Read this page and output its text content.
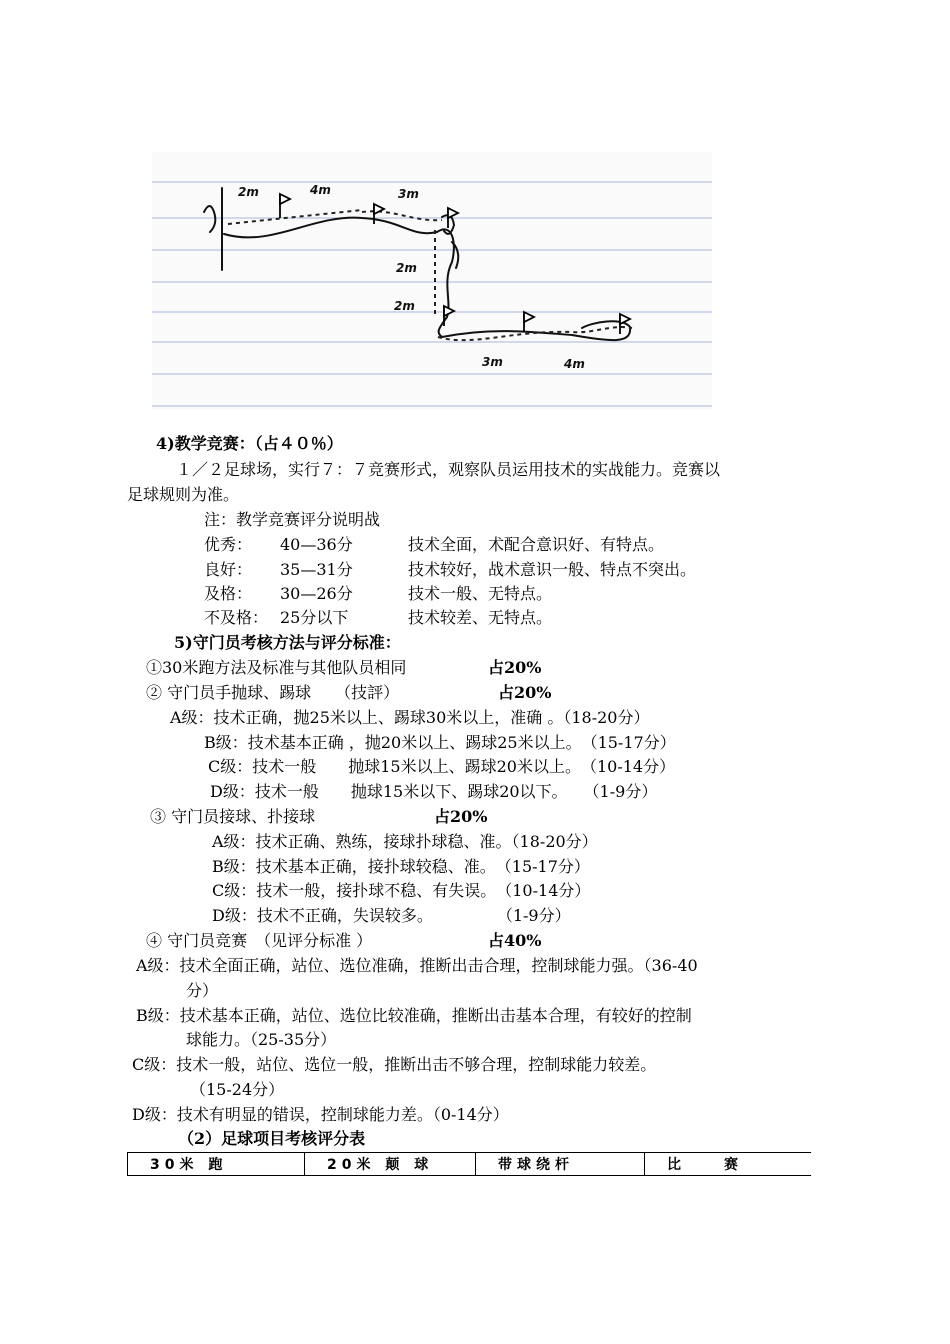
2m	4m	3m
2m
2m
3m	4m
4)教学竞赛：（占４０％）
１／２足球场，实行７：７竞赛形式，观察队员运用技术的实战能力。竞赛以
足球规则为准。
注：教学竞赛评分说明战
优秀： 40—36分	技术全面，术配合意识好、有特点。
良好： 35—31分	技术较好，战术意识一般、特点不突出。
及格： 30—26分	技术一般、无特点。
不及格： 25分以下	技术较差、无特点。
5)守门员考核方法与评分标准：
①30米跑方法及标准与其他队员相同	占20%
② 守门员手抛球、踢球　　（技評）	占20%
A级：技术正确，抛25米以上、踢球30米以上，准确 。（18-20分）
B级：技术基本正确 ，抛20米以上、踢球25米以上。　（15-17分）
C级：技术一般　　抛球15米以上、踢球20米以上。　（10-14分）
D级：技术一般　　抛球15米以下、踢球20以下。　　（1-9分）
③ 守门员接球、扑接球	占20%
A级：技术正确、熟练，接球扑球稳、准。（18-20分）
B级：技术基本正确，接扑球较稳、准。　（15-17分）
C级：技术一般，接扑球不稳、有失误。　（10-14分）
D级：技术不正确，失误较多。　　　　　（1-9分）
④ 守门员竞赛　（见评分标准 ）	占40%
A级：技术全面正确，站位、选位准确，推断出击合理，控制球能力强。（36-40
分）
B级：技术基本正确，站位、选位比较准确，推断出击基本合理，有较好的控制
球能力。（25-35分）
C级：技术一般，站位、选位一般，推断出击不够合理，控制球能力较差。
（15-24分）
D级：技术有明显的错误，控制球能力差。（0-14分）
（2）足球项目考核评分表
30米 跑	20米 颠 球	带球绕杆	比　　赛
